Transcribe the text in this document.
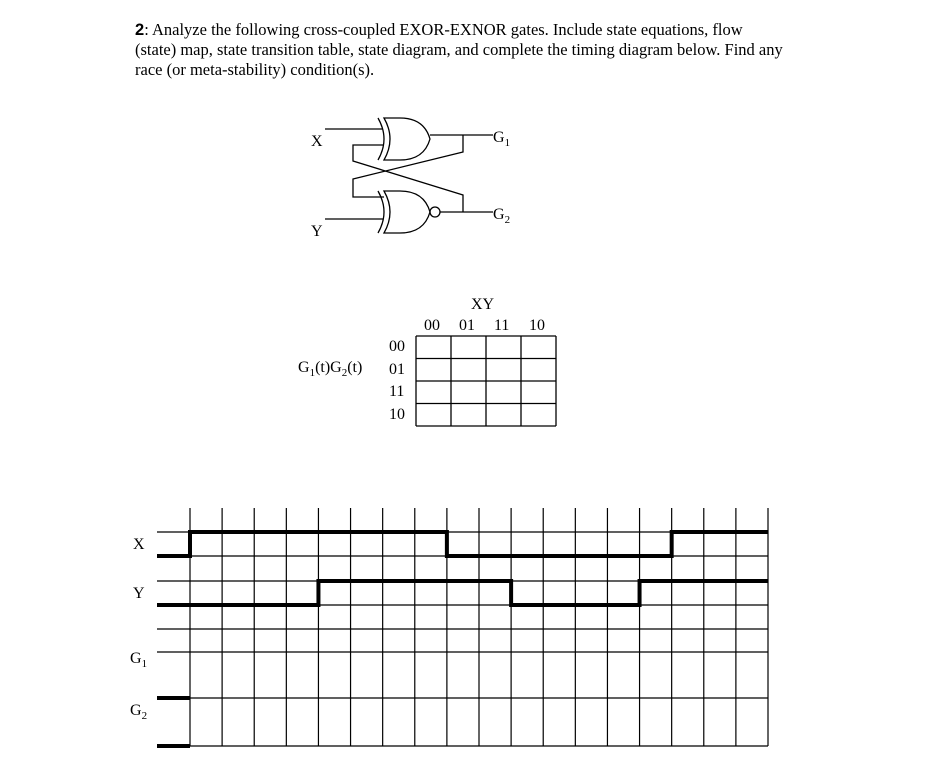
2: Analyze the following cross-coupled EXOR-EXNOR gates. Include state equations, flow (state) map, state transition table, state diagram, and complete the timing diagram below. Find any race (or meta-stability) condition(s).
X
Y
$G_1$
$G_2$
XY
00 01 11 10
00
01
11
10
$G_1(t)G_2(t)$
X
Y
$G_1$
$G_2$
